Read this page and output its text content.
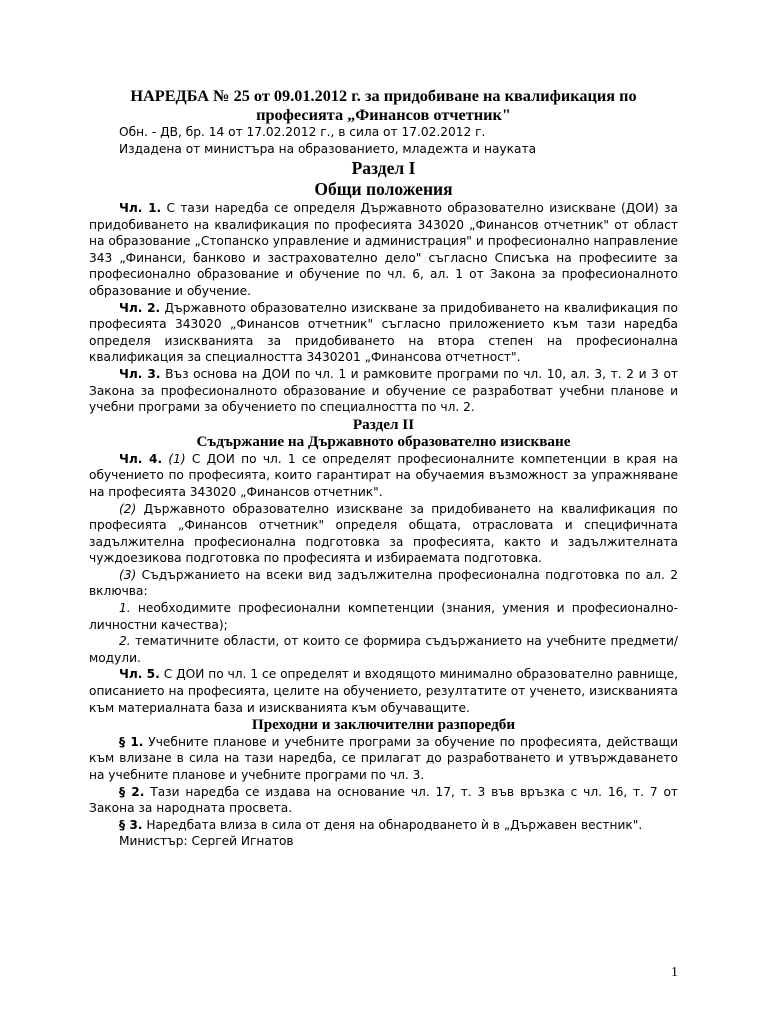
НАРЕДБА № 25 от 09.01.2012 г. за придобиване на квалификация по професията „Финансов отчетник"
Обн. - ДВ, бр. 14 от 17.02.2012 г., в сила от 17.02.2012 г.
Издадена от министъра на образованието, младежта и науката
Раздел I
Общи положения

Чл. 1. С тази наредба се определя Държавното образователно изискване (ДОИ) за придобиването на квалификация по професията 343020 „Финансов отчетник" от област на образование „Стопанско управление и администрация" и професионално направление 343 „Финанси, банково и застрахователно дело" съгласно Списъка на професиите за професионално образование и обучение по чл. 6, ал. 1 от Закона за професионалното образование и обучение.

Чл. 2. Държавното образователно изискване за придобиването на квалификация по професията 343020 „Финансов отчетник" съгласно приложението към тази наредба определя изискванията за придобиването на втора степен на професионална квалификация за специалността 3430201 „Финансова отчетност".

Чл. 3. Въз основа на ДОИ по чл. 1 и рамковите програми по чл. 10, ал. 3, т. 2 и 3 от Закона за професионалното образование и обучение се разработват учебни планове и учебни програми за обучението по специалността по чл. 2.

Раздел II
Съдържание на Държавното образователно изискване

Чл. 4. (1) С ДОИ по чл. 1 се определят професионалните компетенции в края на обучението по професията, които гарантират на обучаемия възможност за упражняване на професията 343020 „Финансов отчетник".

(2) Държавното образователно изискване за придобиването на квалификация по професията „Финансов отчетник" определя общата, отрасловата и специфичната задължителна професионална подготовка за професията, както и задължителната чуждоезикова подготовка по професията и избираемата подготовка.

(3) Съдържанието на всеки вид задължителна професионална подготовка по ал. 2 включва:

1. необходимите професионални компетенции (знания, умения и професионално-личностни качества);

2. тематичните области, от които се формира съдържанието на учебните предмети/модули.

Чл. 5. С ДОИ по чл. 1 се определят и входящото минимално образователно равнище, описанието на професията, целите на обучението, резултатите от ученето, изискванията към материалната база и изискванията към обучаващите.

Преходни и заключителни разпоредби

§ 1. Учебните планове и учебните програми за обучение по професията, действащи към влизане в сила на тази наредба, се прилагат до разработването и утвърждаването на учебните планове и учебните програми по чл. 3.

§ 2. Тази наредба се издава на основание чл. 17, т. 3 във връзка с чл. 16, т. 7 от Закона за народната просвета.

§ 3. Наредбата влиза в сила от деня на обнародването ѝ в „Държавен вестник".

Министър: Сергей Игнатов

1
